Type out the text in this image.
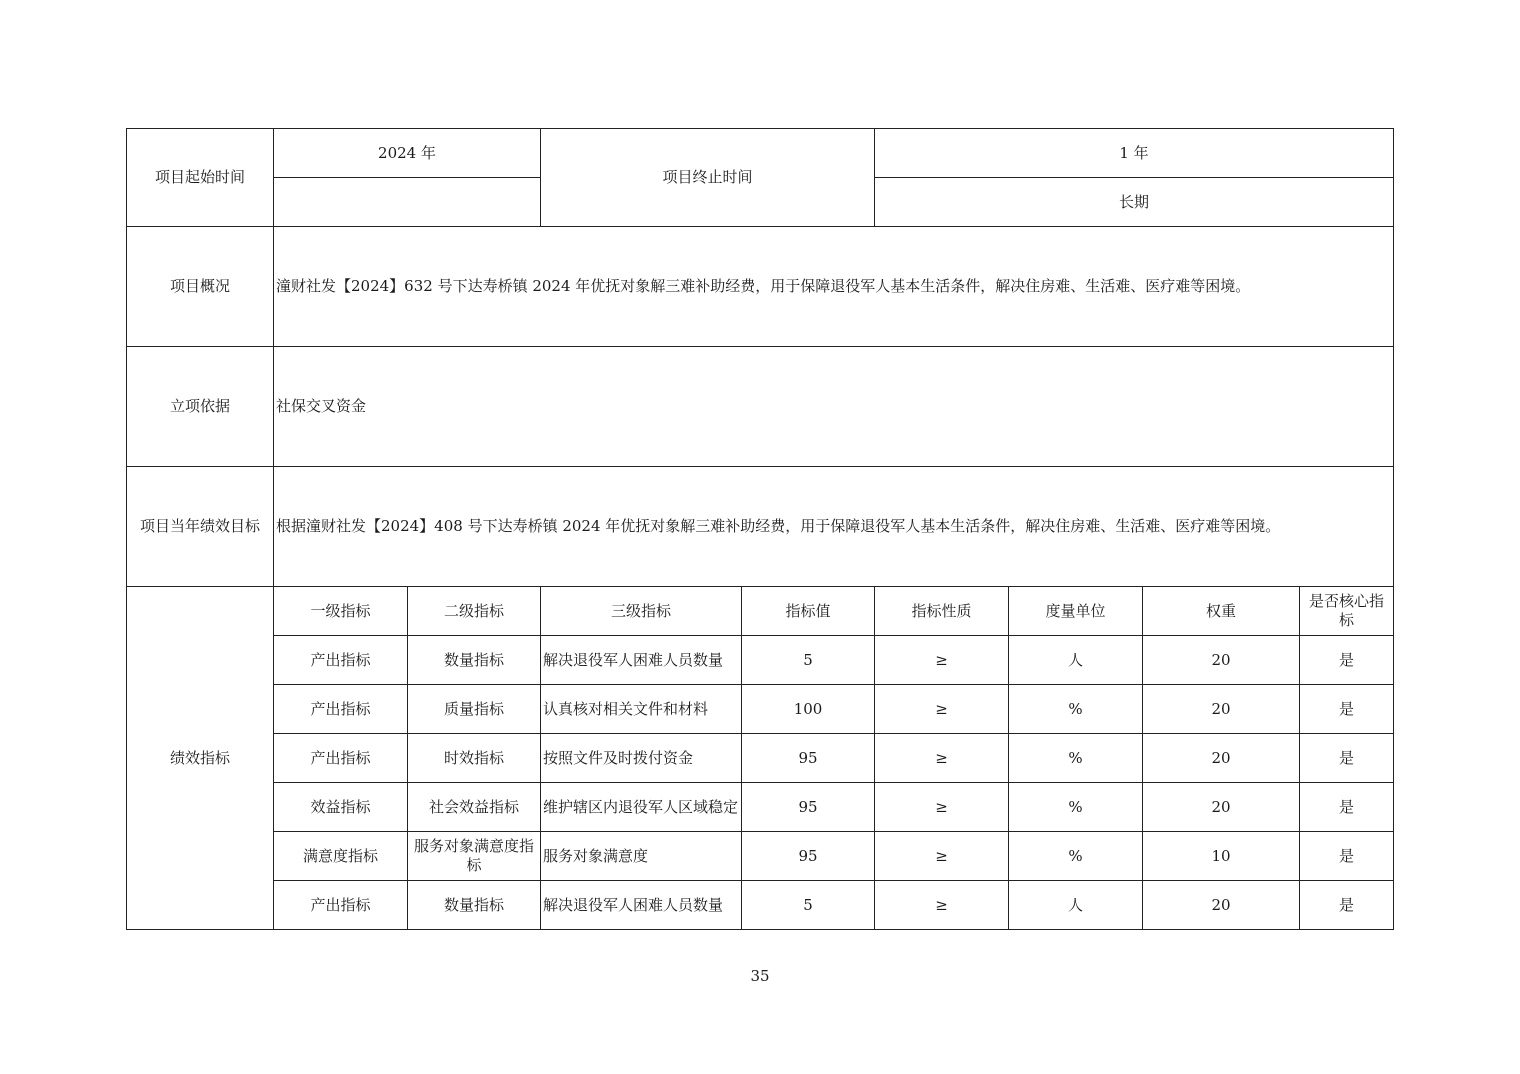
项目起始时间	2024 年		项目终止时间		1 年			
					长期			
项目概况	潼财社发【2024】632 号下达寿桥镇 2024 年优抚对象解三难补助经费，用于保障退役军人基本生活条件，解决住房难、生活难、医疗难等困境。							
立项依据	社保交叉资金							
项目当年绩效目标	根据潼财社发【2024】408 号下达寿桥镇 2024 年优抚对象解三难补助经费，用于保障退役军人基本生活条件，解决住房难、生活难、医疗难等困境。							
绩效指标	一级指标	二级指标	三级指标	指标值	指标性质	度量单位	权重	是否核心指标
	产出指标	数量指标	解决退役军人困难人员数量	5	≥	人	20	是
	产出指标	质量指标	认真核对相关文件和材料	100	≥	%	20	是
	产出指标	时效指标	按照文件及时拨付资金	95	≥	%	20	是
	效益指标	社会效益指标	维护辖区内退役军人区域稳定	95	≥	%	20	是
	满意度指标	服务对象满意度指标	服务对象满意度	95	≥	%	10	是
	产出指标	数量指标	解决退役军人困难人员数量	5	≥	人	20	是
35
